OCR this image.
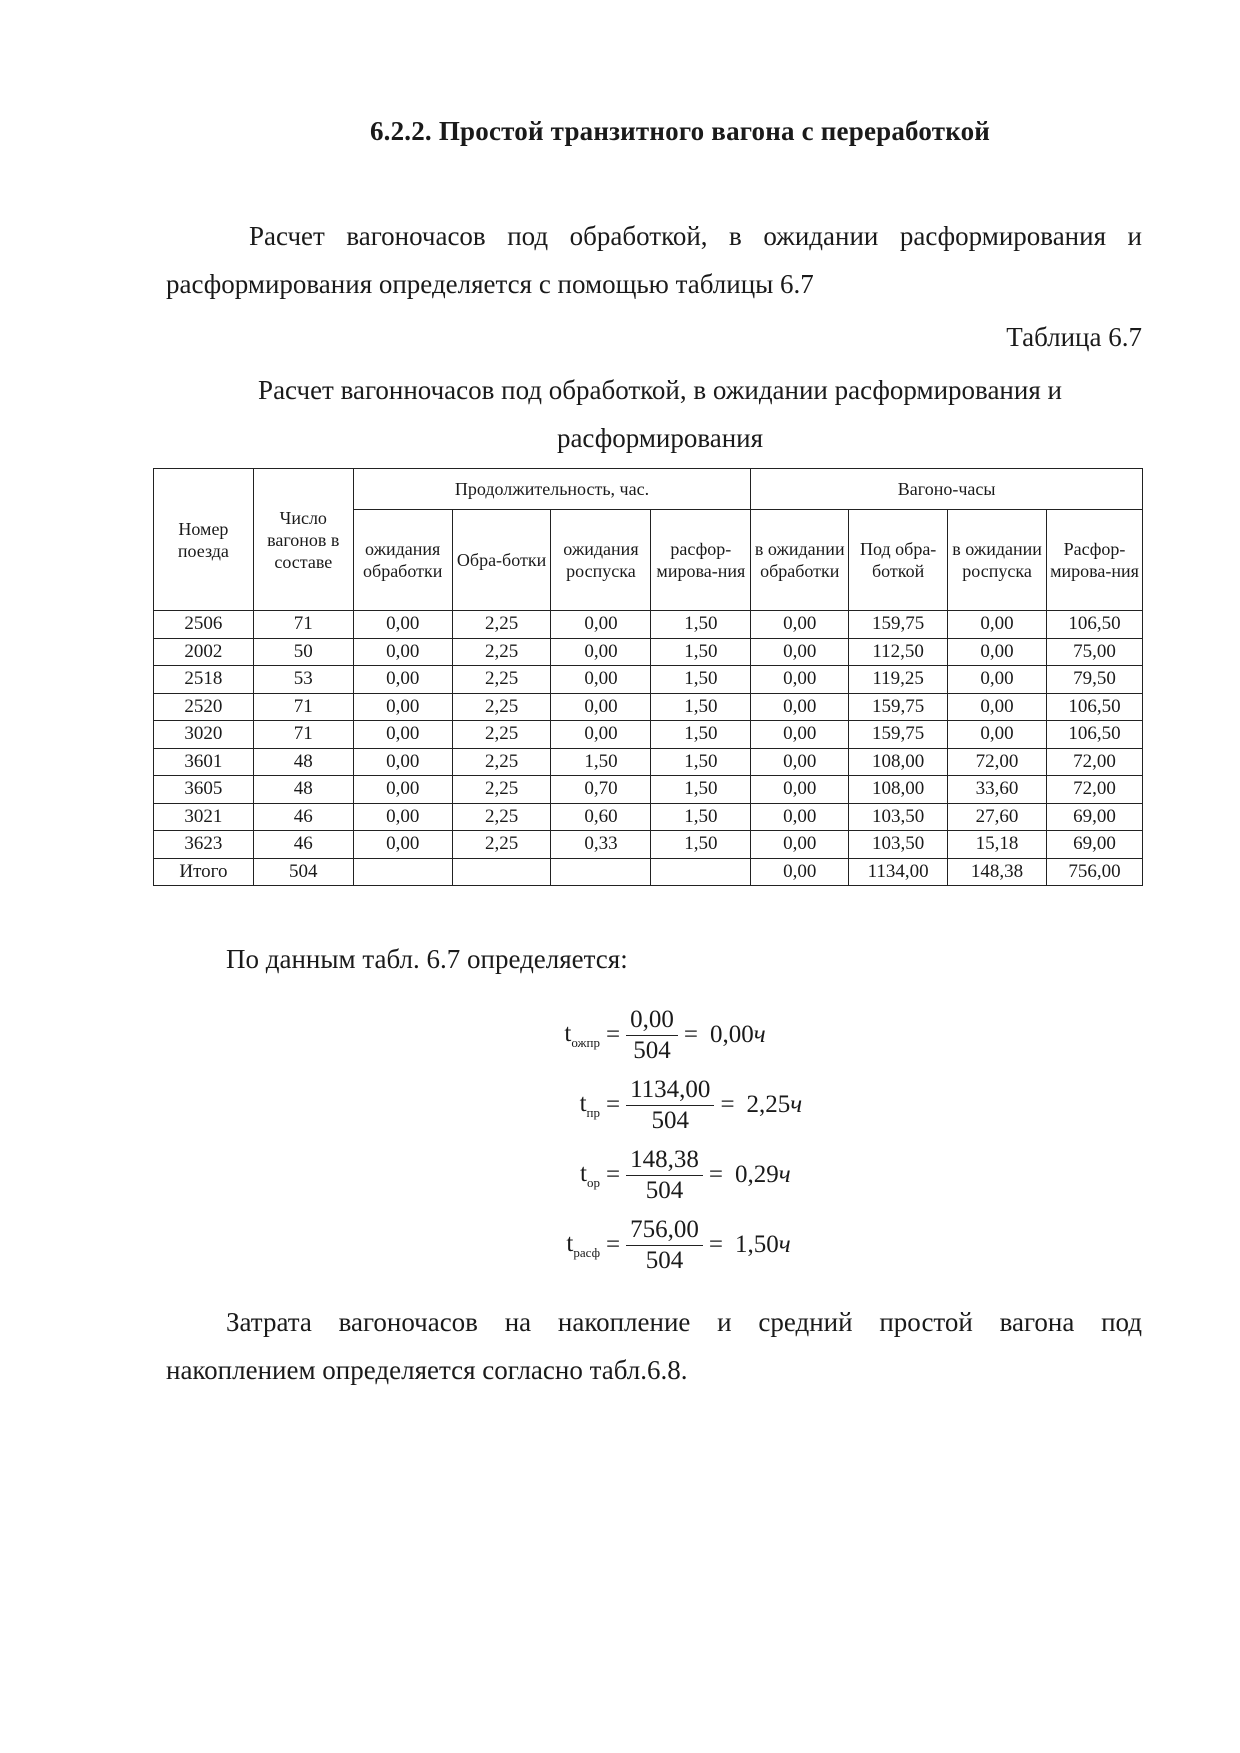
6.2.2. Простой транзитного вагона с переработкой
Расчет вагоночасов под обработкой, в ожидании расформирования и
расформирования определяется с помощью таблицы 6.7
Таблица 6.7
Расчет вагонночасов под обработкой, в ожидании расформирования и
расформирования
Номер поезда	Число вагонов в составе	Продолжительность, час.				Вагоно-часы			
		ожидания обработки	Обра-ботки	ожидания роспуска	расфор-мирова-ния	в ожидании обработки	Под обра-боткой	в ожидании роспуска	Расфор-мирова-ния
2506	71	0,00	2,25	0,00	1,50	0,00	159,75	0,00	106,50
2002	50	0,00	2,25	0,00	1,50	0,00	112,50	0,00	75,00
2518	53	0,00	2,25	0,00	1,50	0,00	119,25	0,00	79,50
2520	71	0,00	2,25	0,00	1,50	0,00	159,75	0,00	106,50
3020	71	0,00	2,25	0,00	1,50	0,00	159,75	0,00	106,50
3601	48	0,00	2,25	1,50	1,50	0,00	108,00	72,00	72,00
3605	48	0,00	2,25	0,70	1,50	0,00	108,00	33,60	72,00
3021	46	0,00	2,25	0,60	1,50	0,00	103,50	27,60	69,00
3623	46	0,00	2,25	0,33	1,50	0,00	103,50	15,18	69,00
Итого	504					0,00	1134,00	148,38	756,00
По данным табл. 6.7 определяется:
$t_{ожпр} = \frac{0,00}{504} = 0,00ч$
$t_{пр} = \frac{1134,00}{504} = 2,25ч$
$t_{ор} = \frac{148,38}{504} = 0,29ч$
$t_{расф} = \frac{756,00}{504} = 1,50ч$
Затрата вагоночасов на накопление и средний простой вагона под
накоплением определяется согласно табл.6.8.
